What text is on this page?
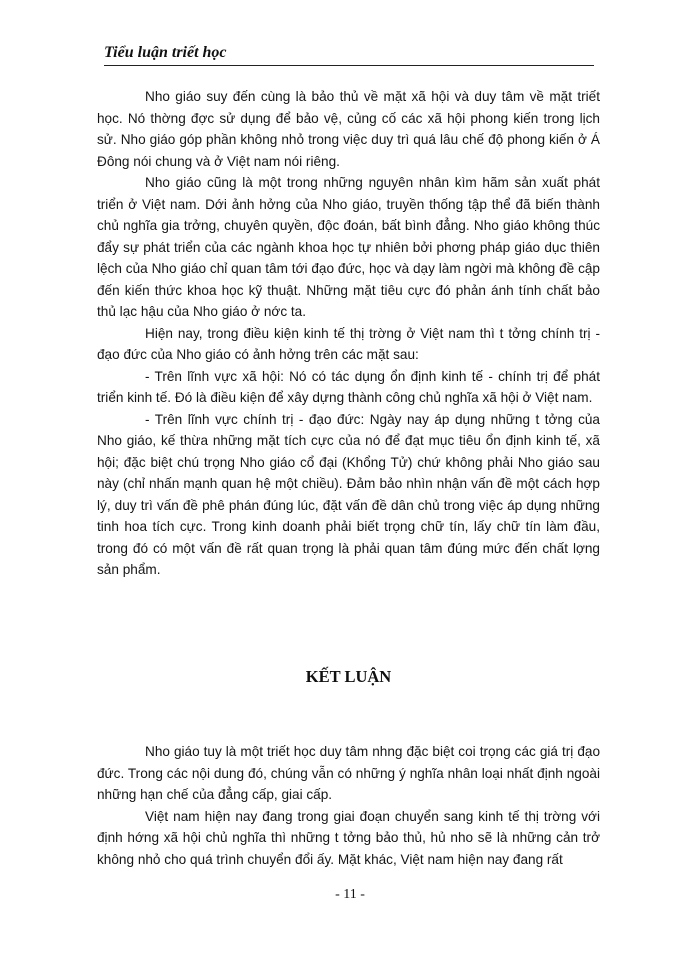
Tiểu luận triết học

Nho giáo suy đến cùng là bảo thủ về mặt xã hội và duy tâm về mặt triết học. Nó thờng đợc sử dụng để bảo vệ, củng cố các xã hội phong kiến trong lịch sử. Nho giáo góp phần không nhỏ trong việc duy trì quá lâu chế độ phong kiến ở Á Đông nói chung và ở Việt nam nói riêng.

Nho giáo cũng là một trong những nguyên nhân kìm hãm sản xuất phát triển ở Việt nam. Dới ảnh hởng của Nho giáo, truyền thống tập thể đã biến thành chủ nghĩa gia trởng, chuyên quyền, độc đoán, bất bình đẳng. Nho giáo không thúc đẩy sự phát triển của các ngành khoa học tự nhiên bởi phơng pháp giáo dục thiên lệch của Nho giáo chỉ quan tâm tới đạo đức, học và dạy làm ngời mà không đề cập đến kiến thức khoa học kỹ thuật. Những mặt tiêu cực đó phản ánh tính chất bảo thủ lạc hậu của Nho giáo ở nớc ta.

Hiện nay, trong điều kiện kinh tế thị trờng ở Việt nam thì t tởng chính trị - đạo đức của Nho giáo có ảnh hởng trên các mặt sau:

- Trên lĩnh vực xã hội: Nó có tác dụng ổn định kinh tế - chính trị để phát triển kinh tế. Đó là điều kiện để xây dựng thành công chủ nghĩa xã hội ở Việt nam.

- Trên lĩnh vực chính trị - đạo đức: Ngày nay áp dụng những t tởng của Nho giáo, kế thừa những mặt tích cực của nó để đạt mục tiêu ổn định kinh tế, xã hội; đặc biệt chú trọng Nho giáo cổ đại (Khổng Tử) chứ không phải Nho giáo sau này (chỉ nhấn mạnh quan hệ một chiều). Đảm bảo nhìn nhận vấn đề một cách hợp lý, duy trì vấn đề phê phán đúng lúc, đặt vấn đề dân chủ trong việc áp dụng những tinh hoa tích cực. Trong kinh doanh phải biết trọng chữ tín, lấy chữ tín làm đầu, trong đó có một vấn đề rất quan trọng là phải quan tâm đúng mức đến chất lợng sản phẩm.

KẾT LUẬN

Nho giáo tuy là một triết học duy tâm nhng đặc biệt coi trọng các giá trị đạo đức. Trong các nội dung đó, chúng vẫn có những ý nghĩa nhân loại nhất định ngoài những hạn chế của đẳng cấp, giai cấp.

Việt nam hiện nay đang trong giai đoạn chuyển sang kinh tế thị trờng với định hớng xã hội chủ nghĩa thì những t tởng bảo thủ, hủ nho sẽ là những cản trở không nhỏ cho quá trình chuyển đổi ấy. Mặt khác, Việt nam hiện nay đang rất

- 11 -
